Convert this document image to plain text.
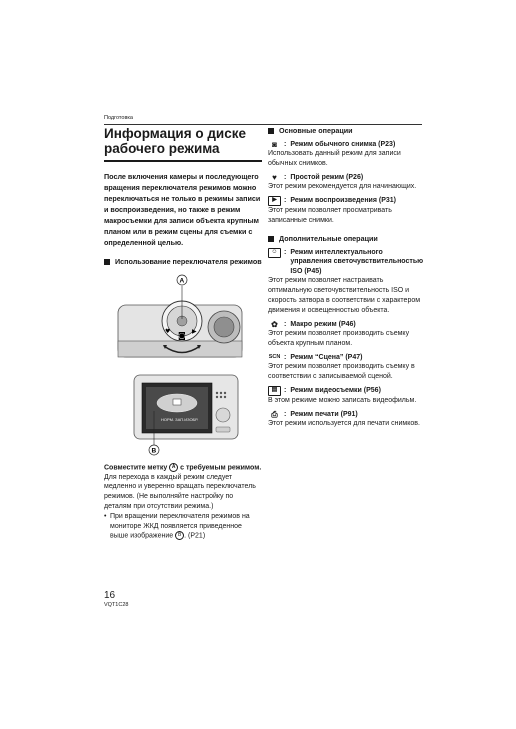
Подготовка
Информация о диске
рабочего режима

После включения камеры и последующего вращения переключателя режимов можно переключаться не только в режимы записи и воспроизведения, но также в режим макросъемки для записи объекта крупным планом или в режим сцены для съемки с определенной целью.

Использование переключателя режимов
◙
♥	▶
A
НОРМ. ЗАП.ИЗОБР.
B
Совместите метку A с требуемым режимом.
Для перехода в каждый режим следует медленно и уверенно вращать переключатель режимов. (Не выполняйте настройку по деталям при отсутствии режима.)
• При вращении переключателя режимов на мониторе ЖКД появляется приведенное выше изображение B . (P21)
Основные операции
◙	: Режим обычного снимка (P23)
Использовать данный режим для записи обычных снимков.
♥	: Простой режим (P26)
Этот режим рекомендуется для начинающих.
▶	: Режим воспроизведения (P31)
Этот режим позволяет просматривать записанные снимки.
Дополнительные операции
☺ : Режим интеллектуального управления светочувствительностью ISO (P45)
Этот режим позволяет настраивать оптимальную светочувствительность ISO и скорость затвора в соответствии с характером движения и освещенностью объекта.
✿ : Макро режим (P46)
Этот режим позволяет производить съемку объекта крупным планом.
SCN : Режим “Сцена” (P47)
Этот режим позволяет производить съемку в соответствии с записываемой сценой.
▤ : Режим видеосъемки (P56)
В этом режиме можно записать видеофильм.
⎙ : Режим печати (P91)
Этот режим используется для печати снимков.
16
VQT1C28
